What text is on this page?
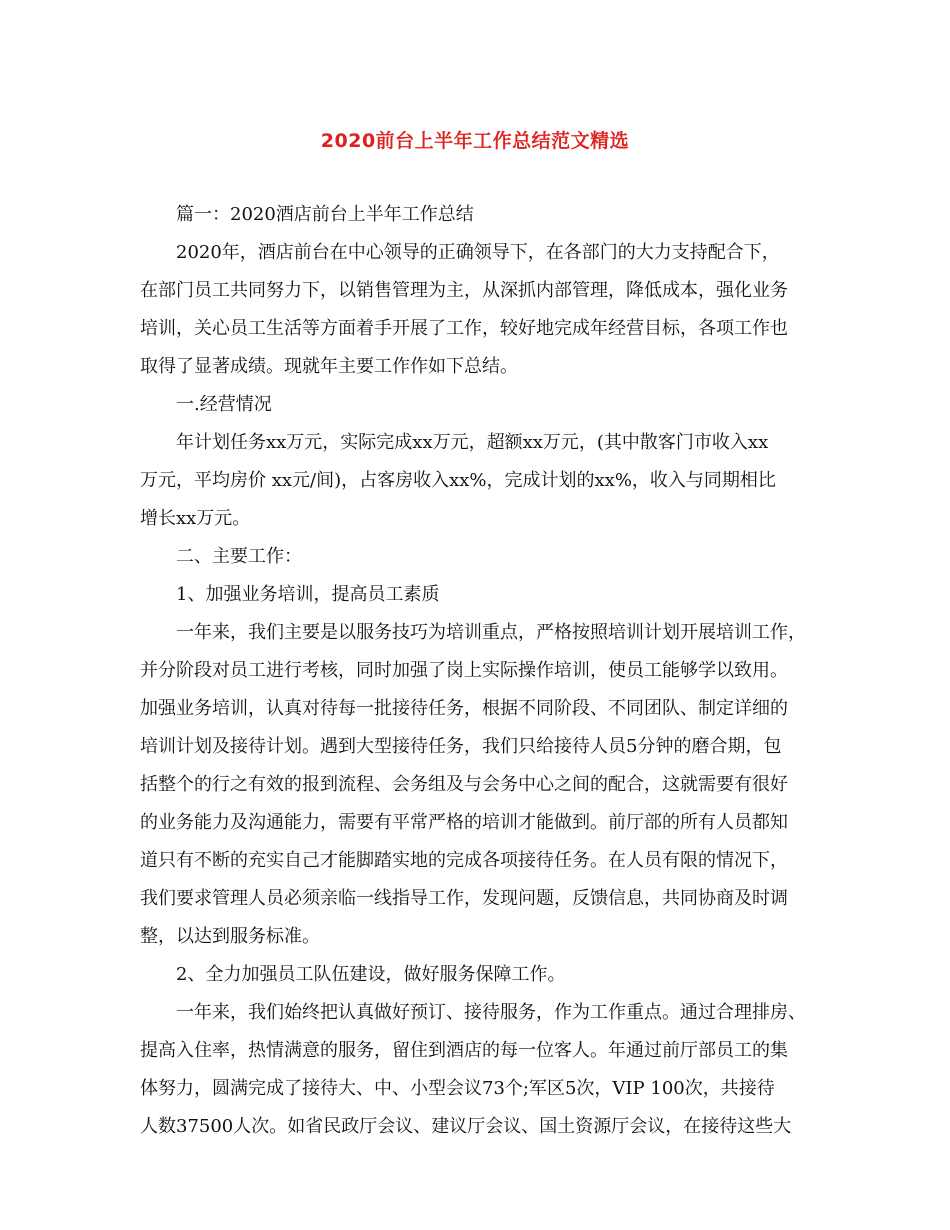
2020前台上半年工作总结范文精选
篇一：2020酒店前台上半年工作总结
2020年，酒店前台在中心领导的正确领导下，在各部门的大力支持配合下，
在部门员工共同努力下，以销售管理为主，从深抓内部管理，降低成本，强化业务
培训，关心员工生活等方面着手开展了工作，较好地完成年经营目标，各项工作也
取得了显著成绩。现就年主要工作作如下总结。
一.经营情况
年计划任务xx万元，实际完成xx万元，超额xx万元，(其中散客门市收入xx
万元，平均房价 xx元/间)，占客房收入xx%，完成计划的xx%，收入与同期相比
增长xx万元。
二、主要工作：
1、加强业务培训，提高员工素质
一年来，我们主要是以服务技巧为培训重点，严格按照培训计划开展培训工作，
并分阶段对员工进行考核，同时加强了岗上实际操作培训，使员工能够学以致用。
加强业务培训，认真对待每一批接待任务，根据不同阶段、不同团队、制定详细的
培训计划及接待计划。遇到大型接待任务，我们只给接待人员5分钟的磨合期，包
括整个的行之有效的报到流程、会务组及与会务中心之间的配合，这就需要有很好
的业务能力及沟通能力，需要有平常严格的培训才能做到。前厅部的所有人员都知
道只有不断的充实自己才能脚踏实地的完成各项接待任务。在人员有限的情况下，
我们要求管理人员必须亲临一线指导工作，发现问题，反馈信息，共同协商及时调
整，以达到服务标准。
2、全力加强员工队伍建设，做好服务保障工作。
一年来，我们始终把认真做好预订、接待服务，作为工作重点。通过合理排房、
提高入住率，热情满意的服务，留住到酒店的每一位客人。年通过前厅部员工的集
体努力，圆满完成了接待大、中、小型会议73个;军区5次，VIP 100次，共接待
人数37500人次。如省民政厅会议、建议厅会议、国土资源厅会议，在接待这些大
